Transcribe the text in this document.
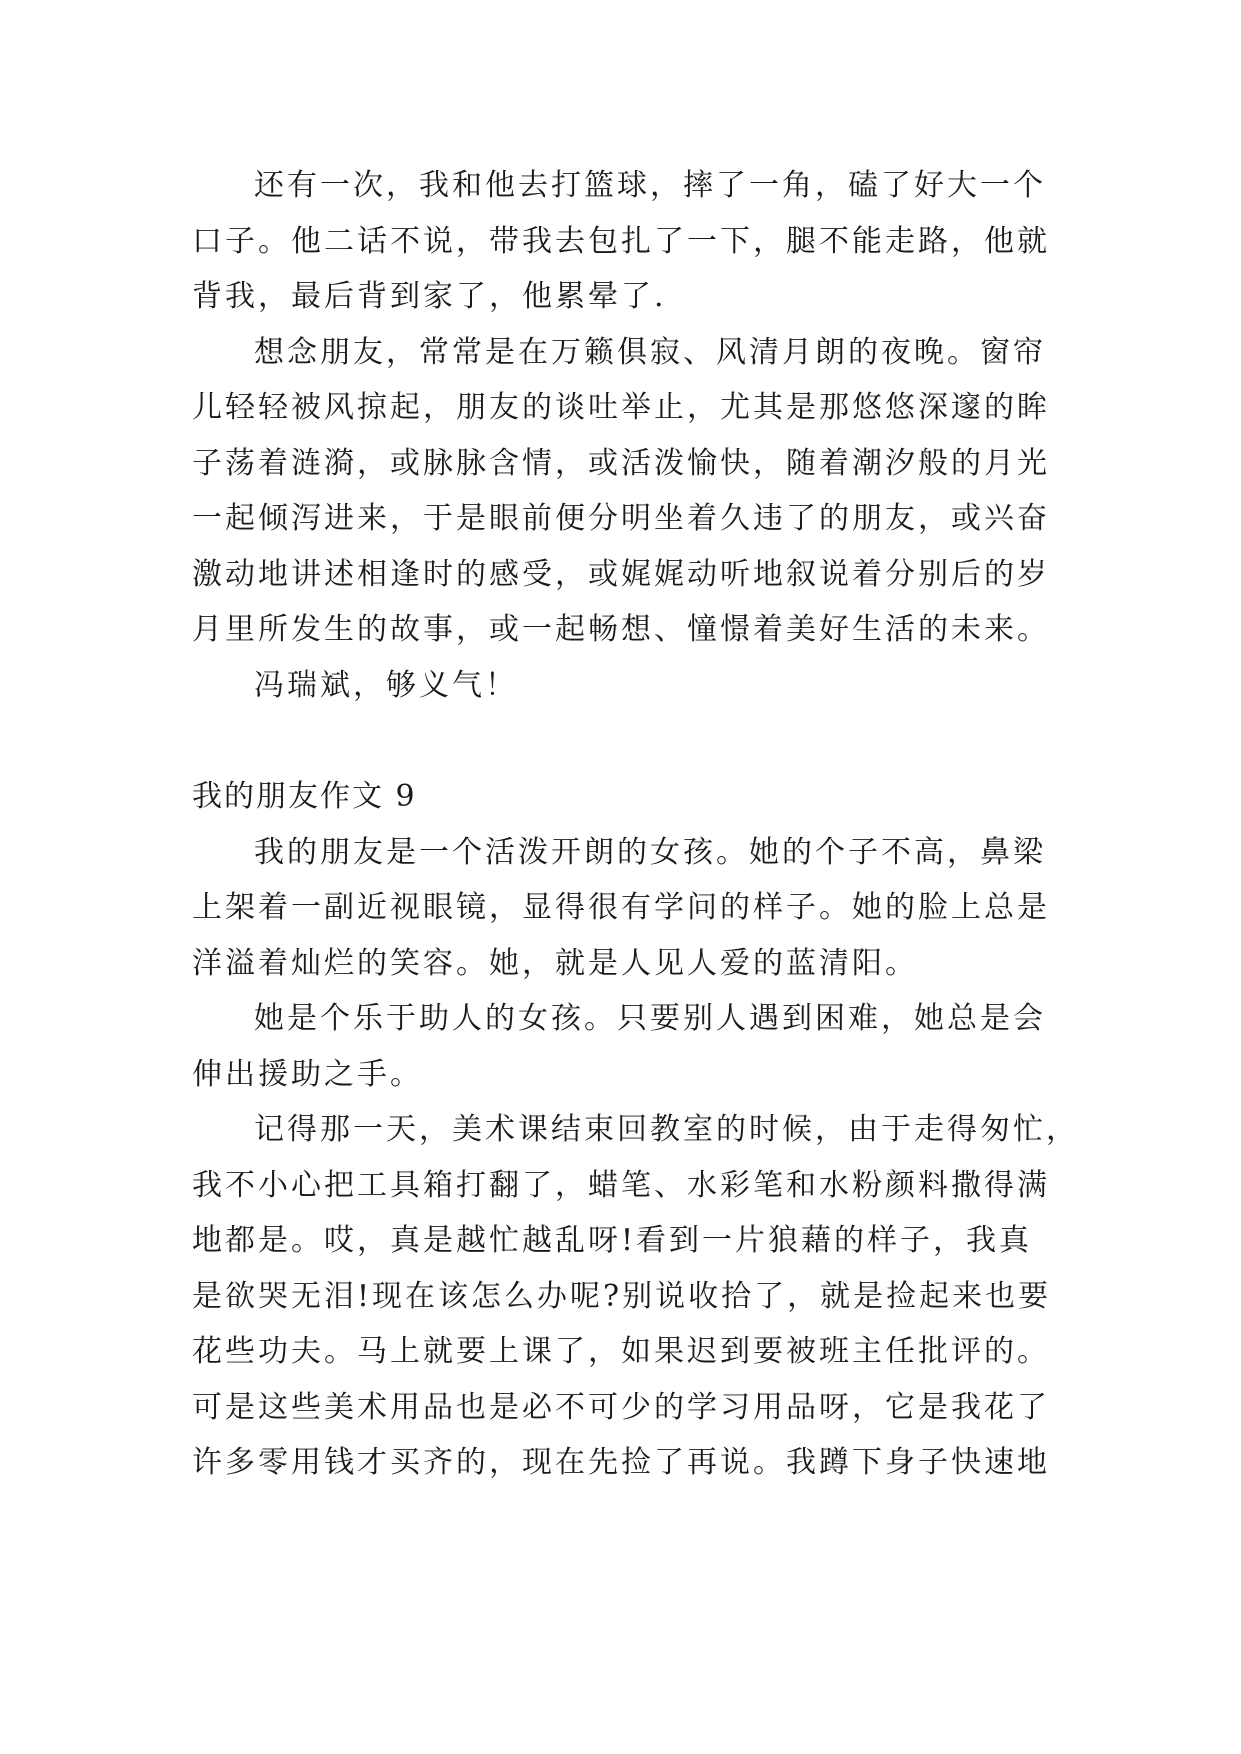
还有一次，我和他去打篮球，摔了一角，磕了好大一个
口子。他二话不说，带我去包扎了一下，腿不能走路，他就
背我，最后背到家了，他累晕了.
想念朋友，常常是在万籁俱寂、风清月朗的夜晚。窗帘
儿轻轻被风掠起，朋友的谈吐举止，尤其是那悠悠深邃的眸
子荡着涟漪，或脉脉含情，或活泼愉快，随着潮汐般的月光
一起倾泻进来，于是眼前便分明坐着久违了的朋友，或兴奋
激动地讲述相逢时的感受，或娓娓动听地叙说着分别后的岁
月里所发生的故事，或一起畅想、憧憬着美好生活的未来。
冯瑞斌，够义气！
我的朋友作文 9
我的朋友是一个活泼开朗的女孩。她的个子不高，鼻梁
上架着一副近视眼镜，显得很有学问的样子。她的脸上总是
洋溢着灿烂的笑容。她，就是人见人爱的蓝清阳。
她是个乐于助人的女孩。只要别人遇到困难，她总是会
伸出援助之手。
记得那一天，美术课结束回教室的时候，由于走得匆忙，
我不小心把工具箱打翻了，蜡笔、水彩笔和水粉颜料撒得满
地都是。哎，真是越忙越乱呀!看到一片狼藉的样子，我真
是欲哭无泪!现在该怎么办呢?别说收拾了，就是捡起来也要
花些功夫。马上就要上课了，如果迟到要被班主任批评的。
可是这些美术用品也是必不可少的学习用品呀，它是我花了
许多零用钱才买齐的，现在先捡了再说。我蹲下身子快速地
